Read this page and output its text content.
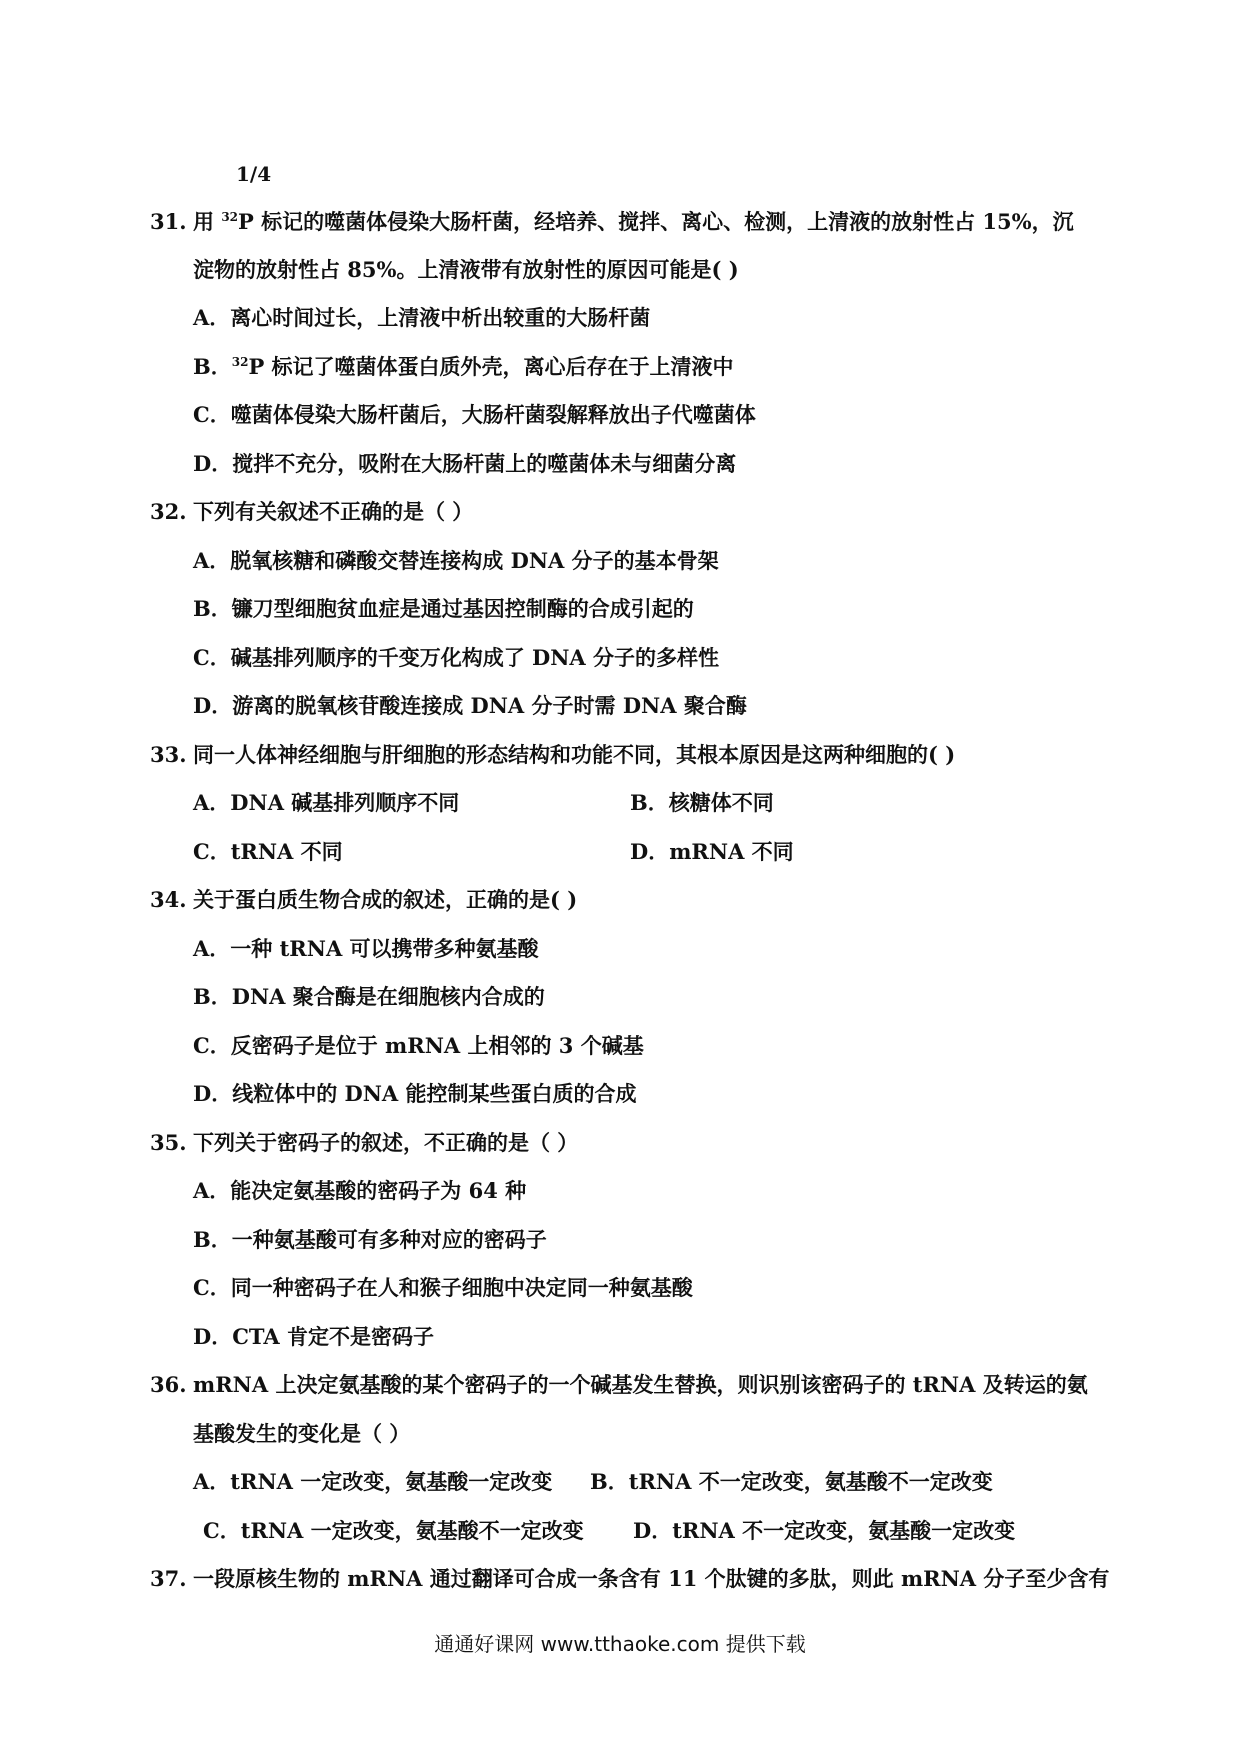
1/4
31. 用 $^{32}$P 标记的噬菌体侵染大肠杆菌，经培养、搅拌、离心、检测，上清液的放射性占 15%，沉
淀物的放射性占 85%。上清液带有放射性的原因可能是( )
A．离心时间过长，上清液中析出较重的大肠杆菌
B．$^{32}$P 标记了噬菌体蛋白质外壳，离心后存在于上清液中
C．噬菌体侵染大肠杆菌后，大肠杆菌裂解释放出子代噬菌体
D．搅拌不充分，吸附在大肠杆菌上的噬菌体未与细菌分离
32. 下列有关叙述不正确的是（ ）
A．脱氧核糖和磷酸交替连接构成 DNA 分子的基本骨架
B．镰刀型细胞贫血症是通过基因控制酶的合成引起的
C．碱基排列顺序的千变万化构成了 DNA 分子的多样性
D．游离的脱氧核苷酸连接成 DNA 分子时需 DNA 聚合酶
33. 同一人体神经细胞与肝细胞的形态结构和功能不同，其根本原因是这两种细胞的( )
A．DNA 碱基排列顺序不同	B．核糖体不同
C．tRNA 不同	D．mRNA 不同
34. 关于蛋白质生物合成的叙述，正确的是( )
A．一种 tRNA 可以携带多种氨基酸
B．DNA 聚合酶是在细胞核内合成的
C．反密码子是位于 mRNA 上相邻的 3 个碱基
D．线粒体中的 DNA 能控制某些蛋白质的合成
35. 下列关于密码子的叙述，不正确的是（ ）
A．能决定氨基酸的密码子为 64 种
B．一种氨基酸可有多种对应的密码子
C．同一种密码子在人和猴子细胞中决定同一种氨基酸
D．CTA 肯定不是密码子
36. mRNA 上决定氨基酸的某个密码子的一个碱基发生替换，则识别该密码子的 tRNA 及转运的氨
基酸发生的变化是（ ）
A．tRNA 一定改变，氨基酸一定改变 B．tRNA 不一定改变，氨基酸不一定改变
C．tRNA 一定改变，氨基酸不一定改变 D．tRNA 不一定改变，氨基酸一定改变
37. 一段原核生物的 mRNA 通过翻译可合成一条含有 11 个肽键的多肽，则此 mRNA 分子至少含有
通通好课网 www.tthaoke.com 提供下载
